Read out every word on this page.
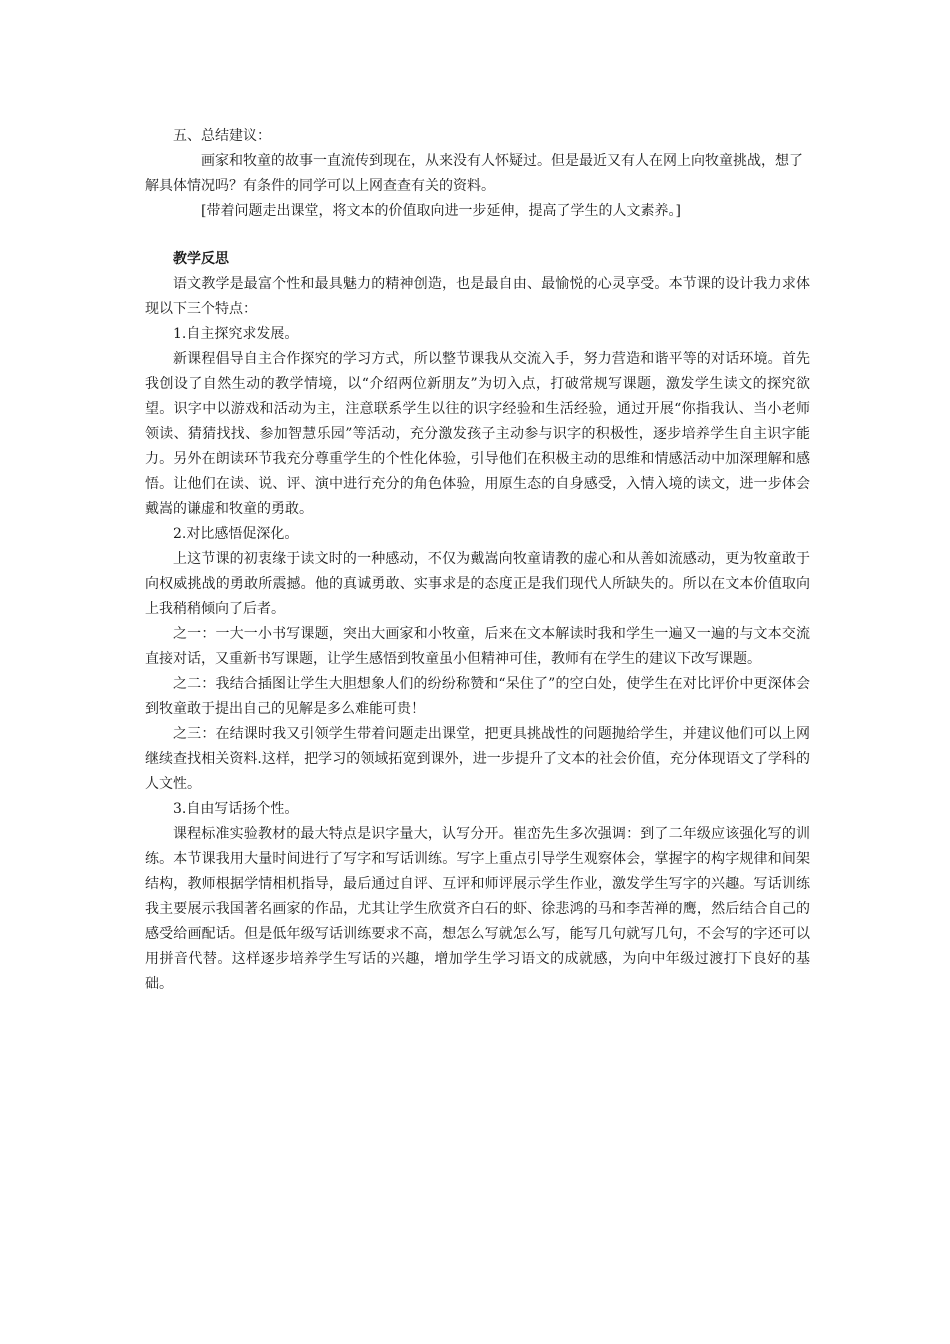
五、总结建议：

画家和牧童的故事一直流传到现在，从来没有人怀疑过。但是最近又有人在网上向牧童挑战，想了解具体情况吗？有条件的同学可以上网查查有关的资料。

[带着问题走出课堂，将文本的价值取向进一步延伸，提高了学生的人文素养。]

教学反思

语文教学是最富个性和最具魅力的精神创造，也是最自由、最愉悦的心灵享受。本节课的设计我力求体现以下三个特点：

1.自主探究求发展。

新课程倡导自主合作探究的学习方式，所以整节课我从交流入手，努力营造和谐平等的对话环境。首先我创设了自然生动的教学情境，以“介绍两位新朋友”为切入点，打破常规写课题，激发学生读文的探究欲望。识字中以游戏和活动为主，注意联系学生以往的识字经验和生活经验，通过开展“你指我认、当小老师领读、猜猜找找、参加智慧乐园”等活动，充分激发孩子主动参与识字的积极性，逐步培养学生自主识字能力。另外在朗读环节我充分尊重学生的个性化体验，引导他们在积极主动的思维和情感活动中加深理解和感悟。让他们在读、说、评、演中进行充分的角色体验，用原生态的自身感受，入情入境的读文，进一步体会戴嵩的谦虚和牧童的勇敢。

2.对比感悟促深化。

上这节课的初衷缘于读文时的一种感动，不仅为戴嵩向牧童请教的虚心和从善如流感动，更为牧童敢于向权威挑战的勇敢所震撼。他的真诚勇敢、实事求是的态度正是我们现代人所缺失的。所以在文本价值取向上我稍稍倾向了后者。

之一：一大一小书写课题，突出大画家和小牧童，后来在文本解读时我和学生一遍又一遍的与文本交流直接对话，又重新书写课题，让学生感悟到牧童虽小但精神可佳，教师有在学生的建议下改写课题。

之二：我结合插图让学生大胆想象人们的纷纷称赞和“呆住了”的空白处，使学生在对比评价中更深体会到牧童敢于提出自己的见解是多么难能可贵！

之三：在结课时我又引领学生带着问题走出课堂，把更具挑战性的问题抛给学生，并建议他们可以上网继续查找相关资料.这样，把学习的领域拓宽到课外，进一步提升了文本的社会价值，充分体现语文了学科的人文性。

3.自由写话扬个性。

课程标准实验教材的最大特点是识字量大，认写分开。崔峦先生多次强调：到了二年级应该强化写的训练。本节课我用大量时间进行了写字和写话训练。写字上重点引导学生观察体会，掌握字的构字规律和间架结构，教师根据学情相机指导，最后通过自评、互评和师评展示学生作业，激发学生写字的兴趣。写话训练我主要展示我国著名画家的作品，尤其让学生欣赏齐白石的虾、徐悲鸿的马和李苦禅的鹰，然后结合自己的感受给画配话。但是低年级写话训练要求不高，想怎么写就怎么写，能写几句就写几句，不会写的字还可以用拼音代替。这样逐步培养学生写话的兴趣，增加学生学习语文的成就感，为向中年级过渡打下良好的基础。
